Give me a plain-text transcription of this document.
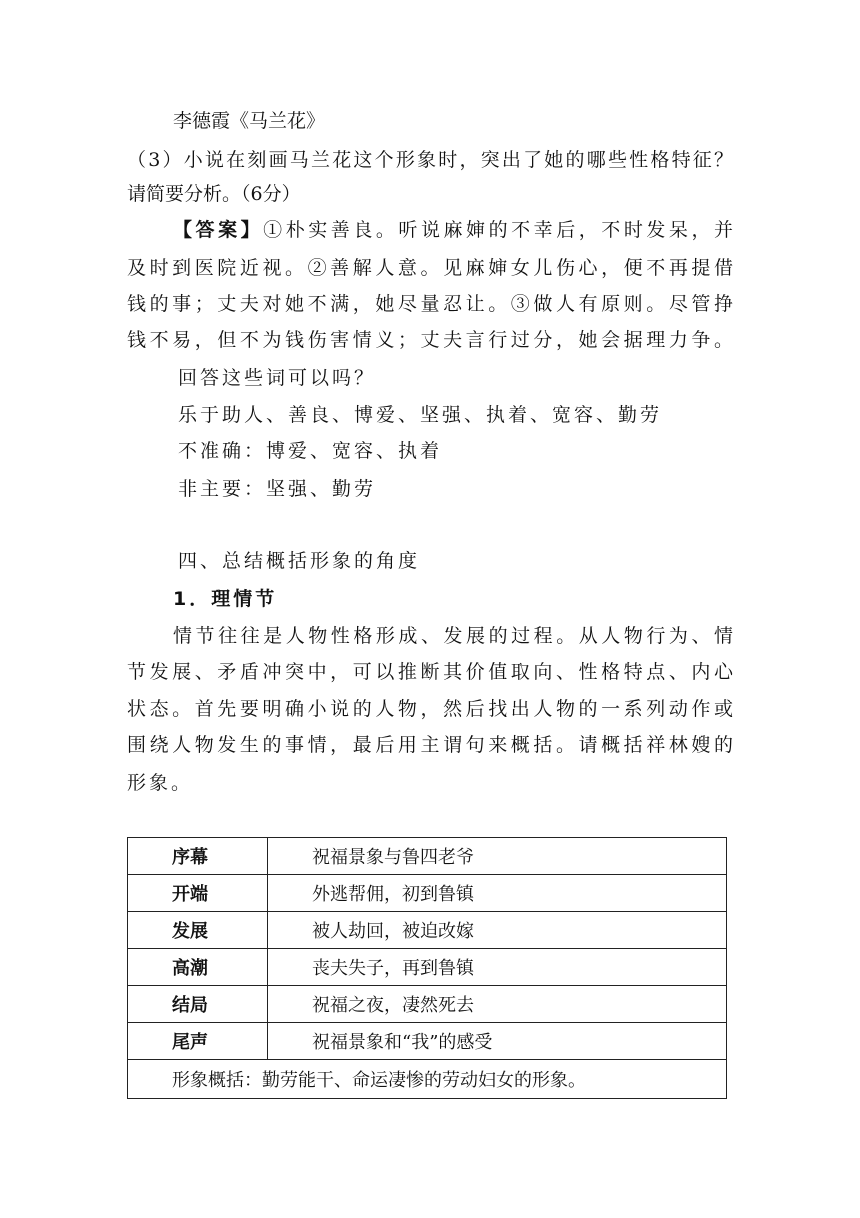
李德霞《马兰花》
（3）小说在刻画马兰花这个形象时，突出了她的哪些性格特征？
请简要分析。（6分）
【答案】①朴实善良。听说麻婶的不幸后，不时发呆，并
及时到医院近视。②善解人意。见麻婶女儿伤心，便不再提借
钱的事；丈夫对她不满，她尽量忍让。③做人有原则。尽管挣
钱不易，但不为钱伤害情义；丈夫言行过分，她会据理力争。
回答这些词可以吗？
乐于助人、善良、博爱、坚强、执着、宽容、勤劳
不准确：博爱、宽容、执着
非主要：坚强、勤劳
四、总结概括形象的角度
1．理情节
情节往往是人物性格形成、发展的过程。从人物行为、情
节发展、矛盾冲突中，可以推断其价值取向、性格特点、内心
状态。首先要明确小说的人物，然后找出人物的一系列动作或
围绕人物发生的事情，最后用主谓句来概括。请概括祥林嫂的
形象。
序幕	祝福景象与鲁四老爷
开端	外逃帮佣，初到鲁镇
发展	被人劫回，被迫改嫁
高潮	丧夫失子，再到鲁镇
结局	祝福之夜，凄然死去
尾声	祝福景象和“我”的感受
形象概括：勤劳能干、命运凄惨的劳动妇女的形象。	
